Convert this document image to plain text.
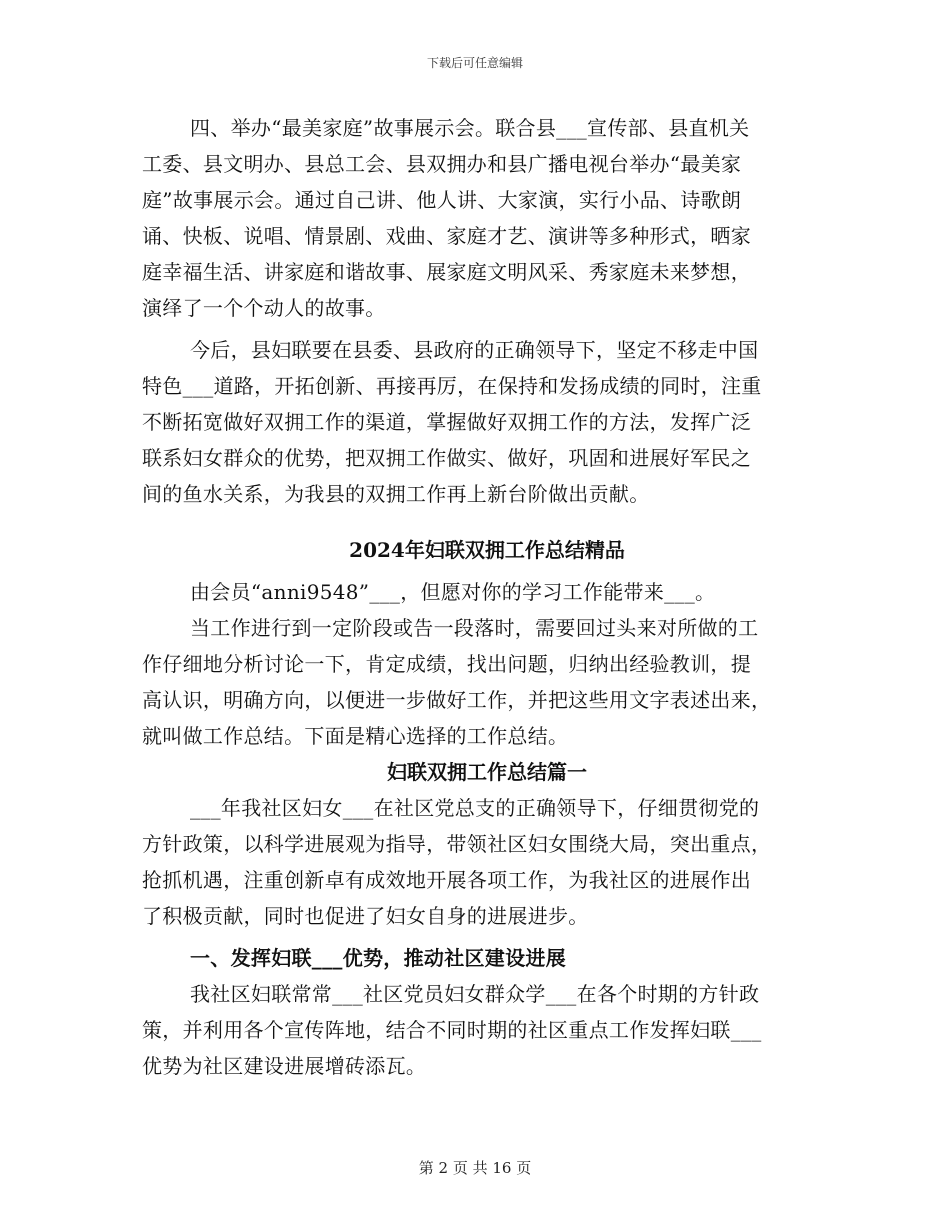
下载后可任意编辑
四、举办“最美家庭”故事展示会。联合县___宣传部、县直机关
工委、县文明办、县总工会、县双拥办和县广播电视台举办“最美家
庭”故事展示会。通过自己讲、他人讲、大家演，实行小品、诗歌朗
诵、快板、说唱、情景剧、戏曲、家庭才艺、演讲等多种形式，晒家
庭幸福生活、讲家庭和谐故事、展家庭文明风采、秀家庭未来梦想，
演绎了一个个动人的故事。
今后，县妇联要在县委、县政府的正确领导下，坚定不移走中国
特色___道路，开拓创新、再接再厉，在保持和发扬成绩的同时，注重
不断拓宽做好双拥工作的渠道，掌握做好双拥工作的方法，发挥广泛
联系妇女群众的优势，把双拥工作做实、做好，巩固和进展好军民之
间的鱼水关系，为我县的双拥工作再上新台阶做出贡献。
2024年妇联双拥工作总结精品
由会员“anni9548”___，但愿对你的学习工作能带来___。
当工作进行到一定阶段或告一段落时，需要回过头来对所做的工
作仔细地分析讨论一下，肯定成绩，找出问题，归纳出经验教训，提
高认识，明确方向，以便进一步做好工作，并把这些用文字表述出来，
就叫做工作总结。下面是精心选择的工作总结。
妇联双拥工作总结篇一
___年我社区妇女___在社区党总支的正确领导下，仔细贯彻党的
方针政策，以科学进展观为指导，带领社区妇女围绕大局，突出重点，
抢抓机遇，注重创新卓有成效地开展各项工作，为我社区的进展作出
了积极贡献，同时也促进了妇女自身的进展进步。
一、发挥妇联___优势，推动社区建设进展
我社区妇联常常___社区党员妇女群众学___在各个时期的方针政
策，并利用各个宣传阵地，结合不同时期的社区重点工作发挥妇联___
优势为社区建设进展增砖添瓦。
第 2 页 共 16 页
